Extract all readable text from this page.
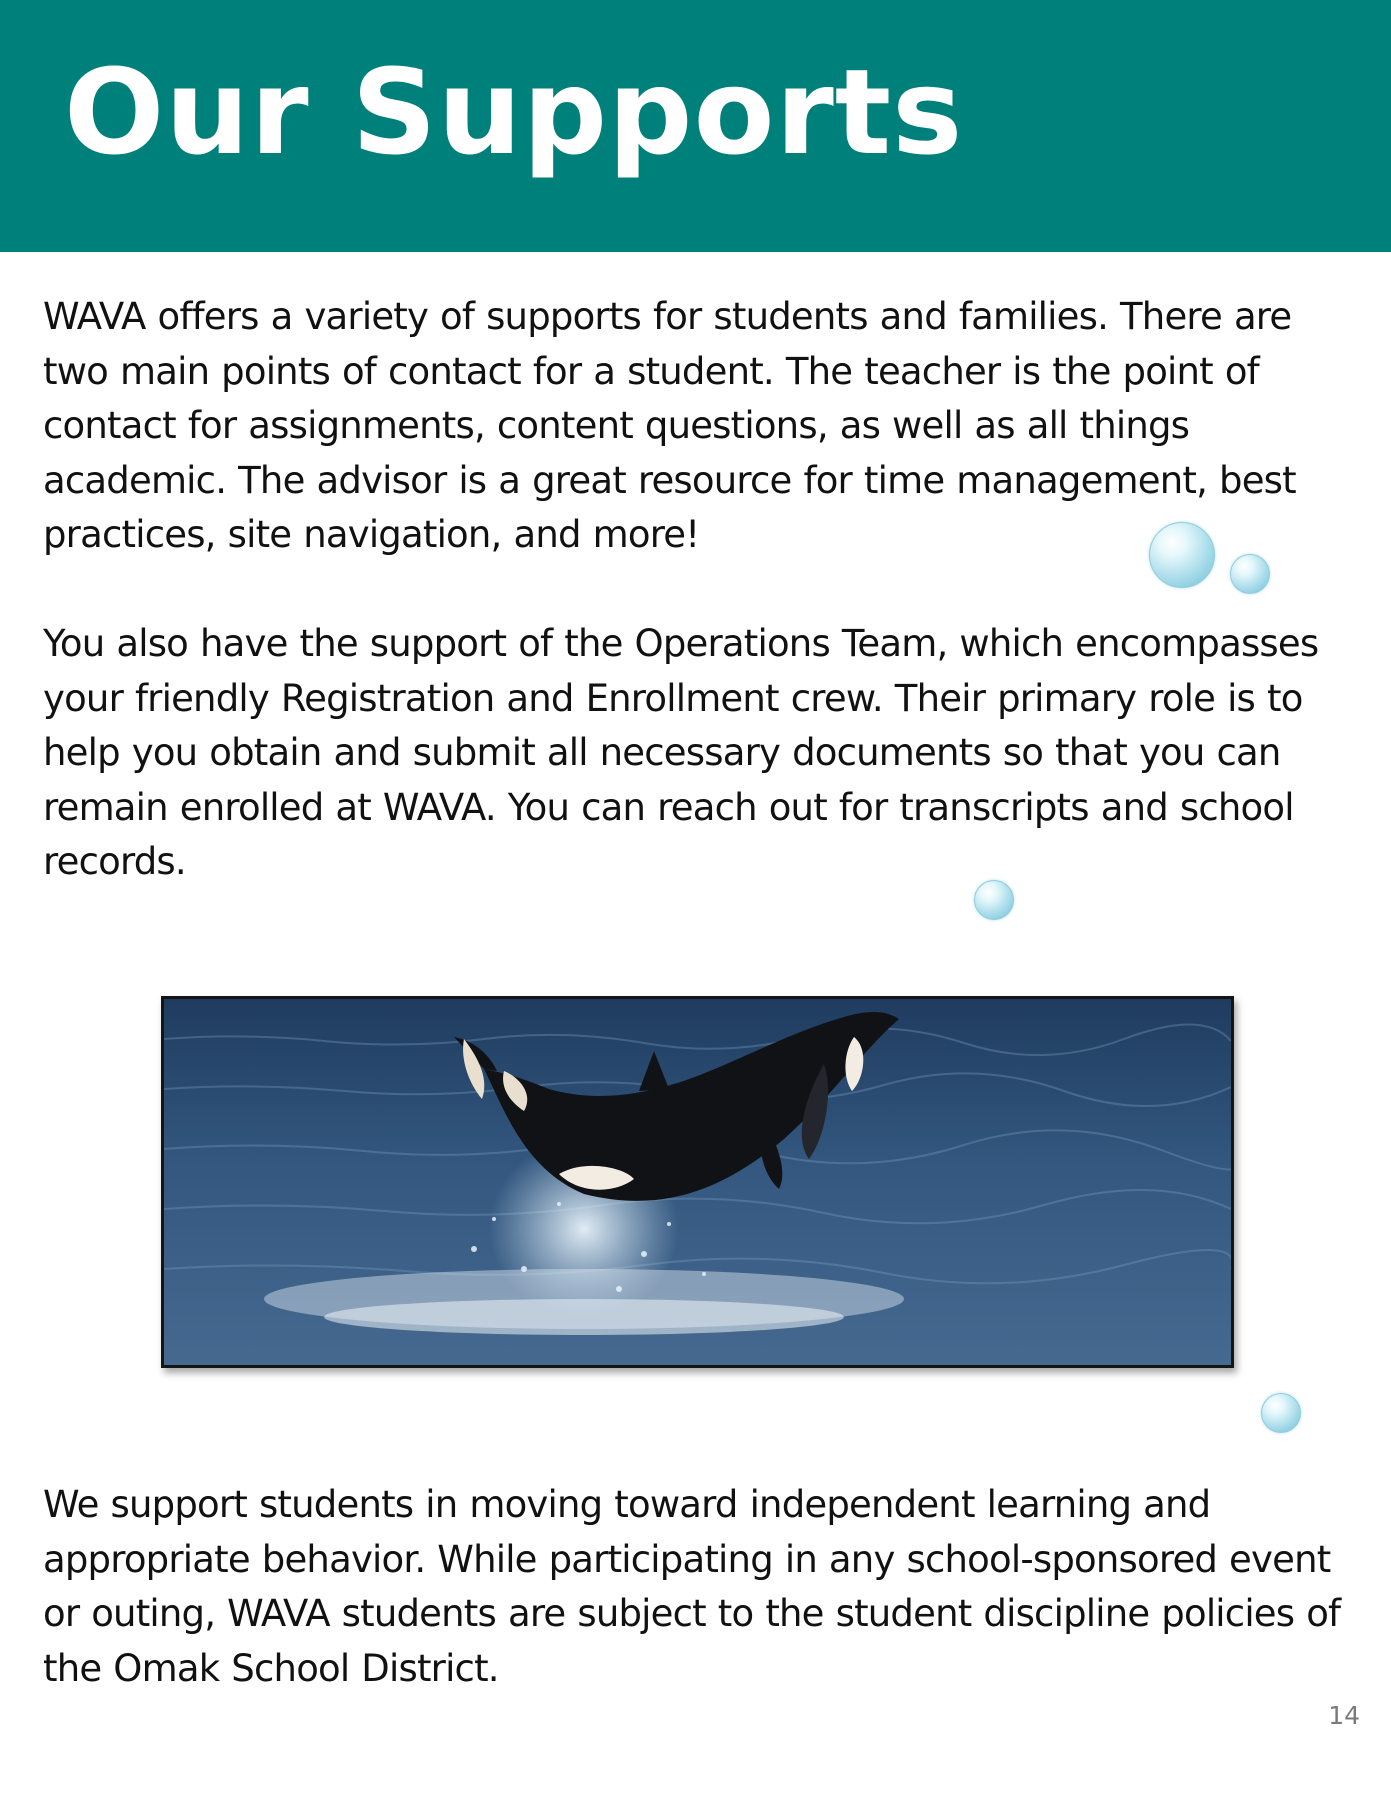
Our Supports

WAVA offers a variety of supports for students and families. There are two main points of contact for a student. The teacher is the point of contact for assignments, content questions, as well as all things academic. The advisor is a great resource for time management, best practices, site navigation, and more!

You also have the support of the Operations Team, which encompasses your friendly Registration and Enrollment crew. Their primary role is to help you obtain and submit all necessary documents so that you can remain enrolled at WAVA. You can reach out for transcripts and school records.

We support students in moving toward independent learning and appropriate behavior. While participating in any school-sponsored event or outing, WAVA students are subject to the student discipline policies of the Omak School District.

14
